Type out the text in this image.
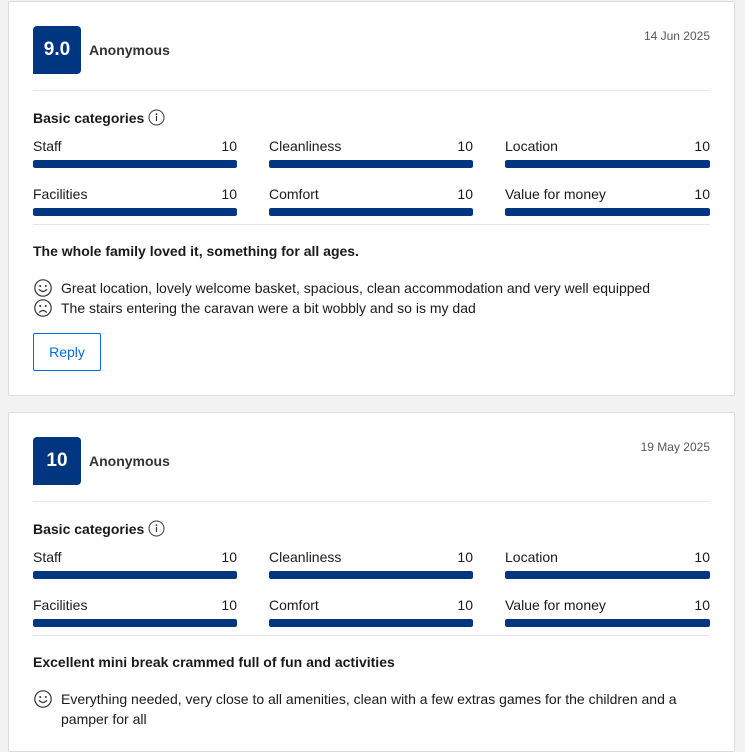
9.0	Anonymous
14 Jun 2025
Basic categories
Staff	10 Cleanliness	10 Location	10
Facilities	10 Comfort	10 Value for money	10
The whole family loved it, something for all ages.
Great location, lovely welcome basket, spacious, clean accommodation and very well equipped
The stairs entering the caravan were a bit wobbly and so is my dad
Reply
10	Anonymous
19 May 2025
Basic categories
Staff	10 Cleanliness	10 Location	10
Facilities	10 Comfort	10 Value for money	10
Excellent mini break crammed full of fun and activities
Everything needed, very close to all amenities, clean with a few extras games for the children and a pamper for all
